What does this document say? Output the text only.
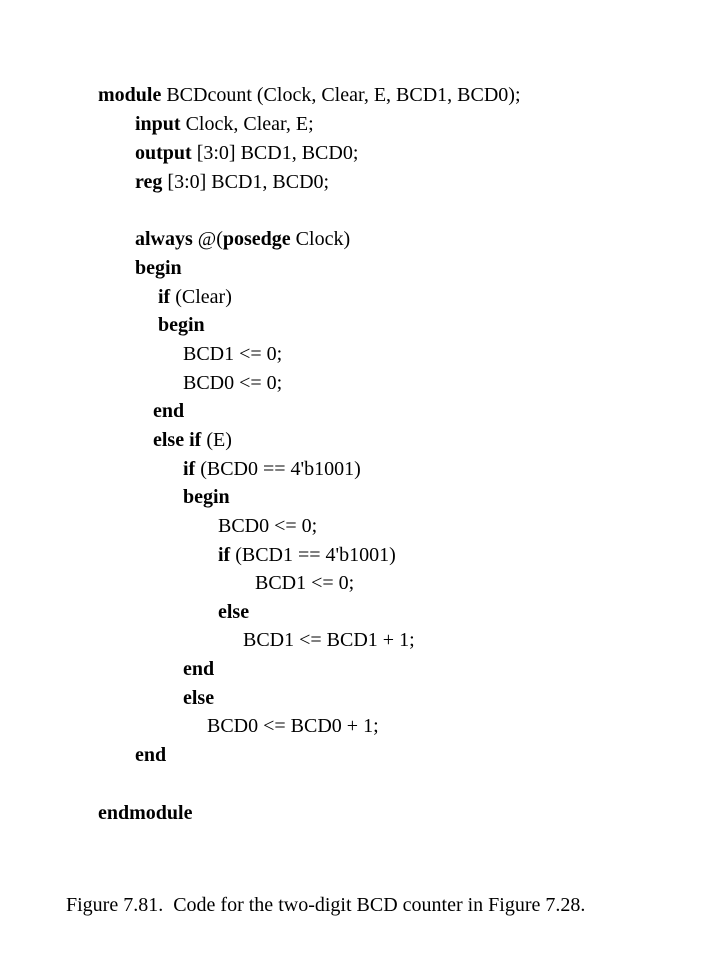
module BCDcount (Clock, Clear, E, BCD1, BCD0);
input Clock, Clear, E;
output [3:0] BCD1, BCD0;
reg [3:0] BCD1, BCD0;
always @(posedge Clock)
begin
if (Clear)
begin
BCD1 <= 0;
BCD0 <= 0;
end
else if (E)
if (BCD0 == 4'b1001)
begin
BCD0 <= 0;
if (BCD1 == 4'b1001)
BCD1 <= 0;
else
BCD1 <= BCD1 + 1;
end
else
BCD0 <= BCD0 + 1;
end
endmodule
Figure 7.81.  Code for the two-digit BCD counter in Figure 7.28.
